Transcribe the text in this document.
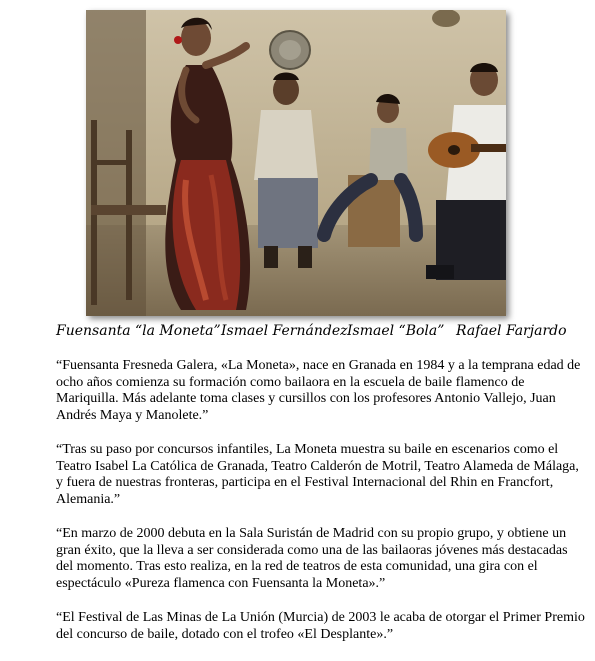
Fuensanta “la Moneta” Ismael Fernández Ismael “Bola” Rafael Farjardo

“Fuensanta Fresneda Galera, «La Moneta», nace en Granada en 1984 y a la temprana edad de ocho años comienza su formación como bailaora en la escuela de baile flamenco de Mariquilla. Más adelante toma clases y cursillos con los profesores Antonio Vallejo, Juan Andrés Maya y Manolete.”

“Tras su paso por concursos infantiles, La Moneta muestra su baile en escenarios como el Teatro Isabel La Católica de Granada, Teatro Calderón de Motril, Teatro Alameda de Málaga, y fuera de nuestras fronteras, participa en el Festival Internacional del Rhin en Francfort, Alemania.”

“En marzo de 2000 debuta en la Sala Suristán de Madrid con su propio grupo, y obtiene un gran éxito, que la lleva a ser considerada como una de las bailaoras jóvenes más destacadas del momento. Tras esto realiza, en la red de teatros de esta comunidad, una gira con el espectáculo «Pureza flamenca con Fuensanta la Moneta».”

“El Festival de Las Minas de La Unión (Murcia) de 2003 le acaba de otorgar el Primer Premio del concurso de baile, dotado con el trofeo «El Desplante».”
